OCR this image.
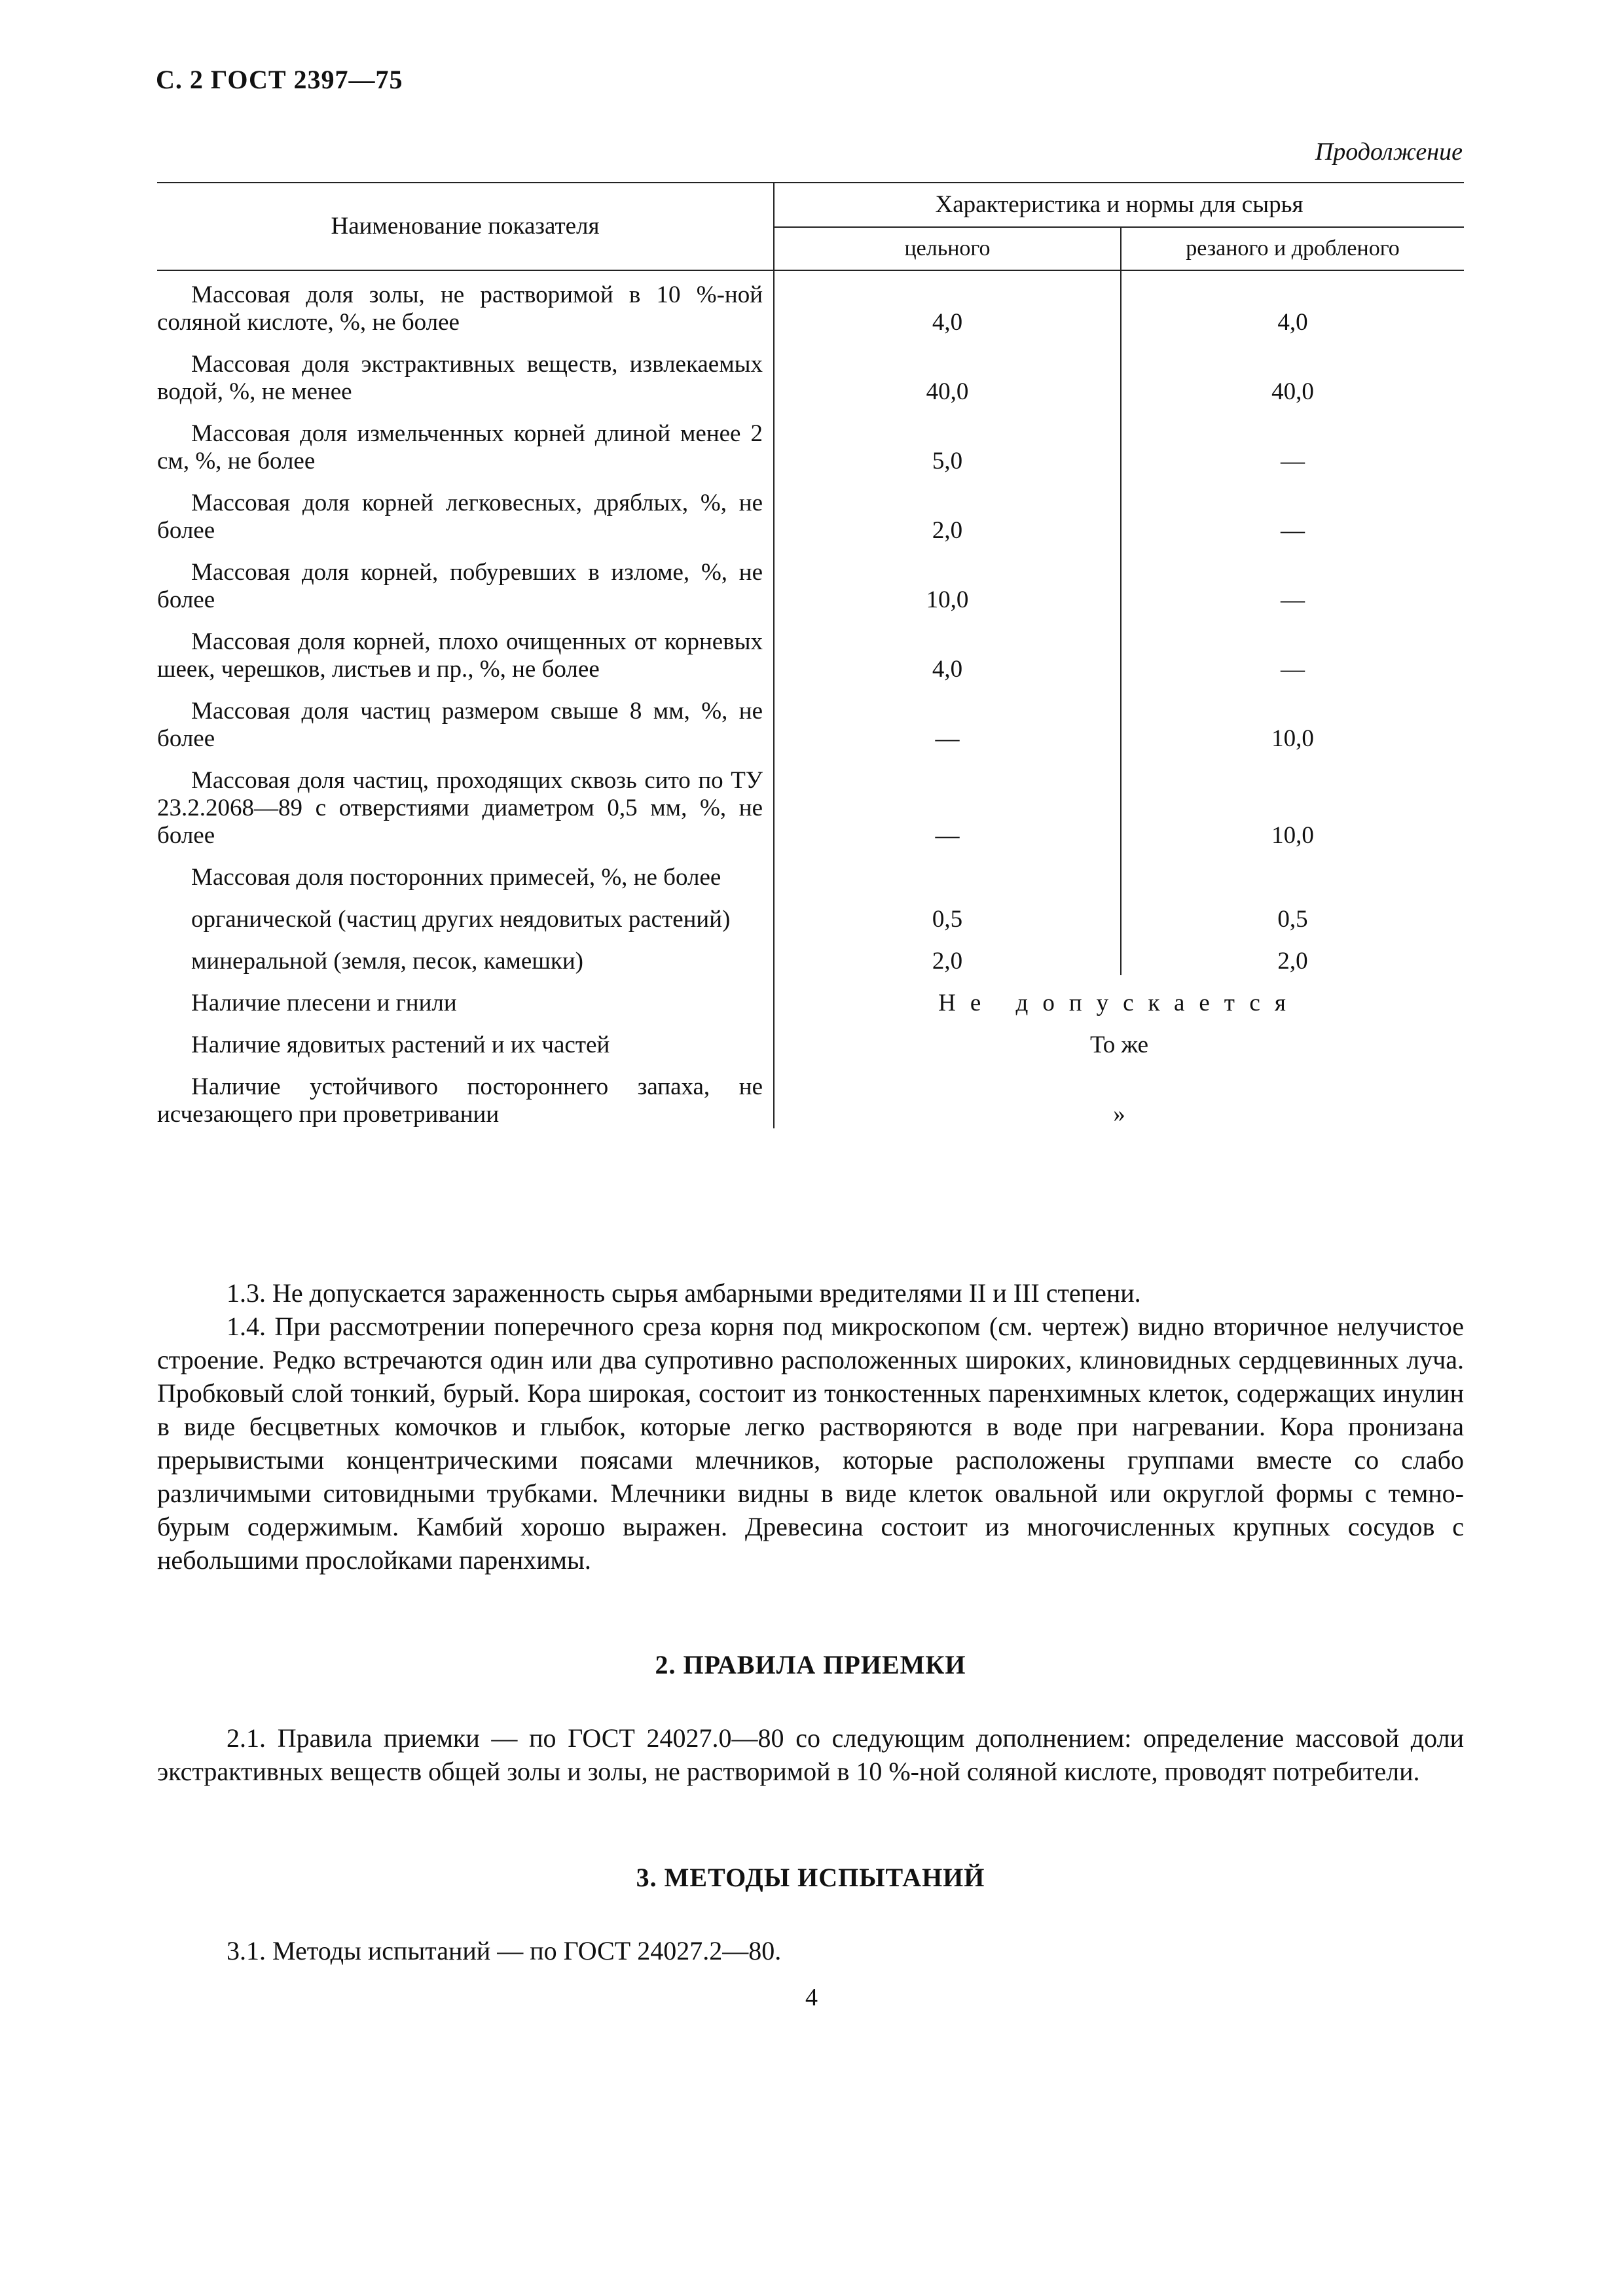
С. 2 ГОСТ 2397—75
Продолжение
Наименование показателя	Характеристика и нормы для сырья	
	цельного	резаного и дробленого

Массовая доля золы, не растворимой в 10 %-ной соляной кислоте, %, не более	4,0	4,0

Массовая доля экстрактивных веществ, извлекаемых водой, %, не менее	40,0	40,0

Массовая доля измельченных корней длиной менее 2 см, %, не более	5,0	—

Массовая доля корней легковесных, дряблых, %, не более	2,0	—

Массовая доля корней, побуревших в изломе, %, не более	10,0	—

Массовая доля корней, плохо очищенных от корневых шеек, черешков, листьев и пр., %, не более	4,0	—

Массовая доля частиц размером свыше 8 мм, %, не более	—	10,0

Массовая доля частиц, проходящих сквозь сито по ТУ 23.2.2068—89 с отверстиями диаметром 0,5 мм, %, не более	—	10,0

Массовая доля посторонних примесей, %, не более		

органической (частиц других неядовитых растений)	0,5	0,5

минеральной (земля, песок, камешки)	2,0	2,0

Наличие плесени и гнили	Не допускается	

Наличие ядовитых растений и их частей	То же	

Наличие устойчивого постороннего запаха, не исчезающего при проветривании	»	

1.3. Не допускается зараженность сырья амбарными вредителями II и III степени.

1.4. При рассмотрении поперечного среза корня под микроскопом (см. чертеж) видно вторичное нелучистое строение. Редко встречаются один или два супротивно расположенных широких, клиновидных сердцевинных луча. Пробковый слой тонкий, бурый. Кора широкая, состоит из тонкостенных паренхимных клеток, содержащих инулин в виде бесцветных комочков и глыбок, которые легко растворяются в воде при нагревании. Кора пронизана прерывистыми концентрическими поясами млечников, которые расположены группами вместе со слабо различимыми ситовидными трубками. Млечники видны в виде клеток овальной или округлой формы с темно-бурым содержимым. Камбий хорошо выражен. Древесина состоит из многочисленных крупных сосудов с небольшими прослойками паренхимы.

2. ПРАВИЛА ПРИЕМКИ

2.1. Правила приемки — по ГОСТ 24027.0—80 со следующим дополнением: определение массовой доли экстрактивных веществ общей золы и золы, не растворимой в 10 %-ной соляной кислоте, проводят потребители.

3. МЕТОДЫ ИСПЫТАНИЙ

3.1. Методы испытаний — по ГОСТ 24027.2—80.

4
